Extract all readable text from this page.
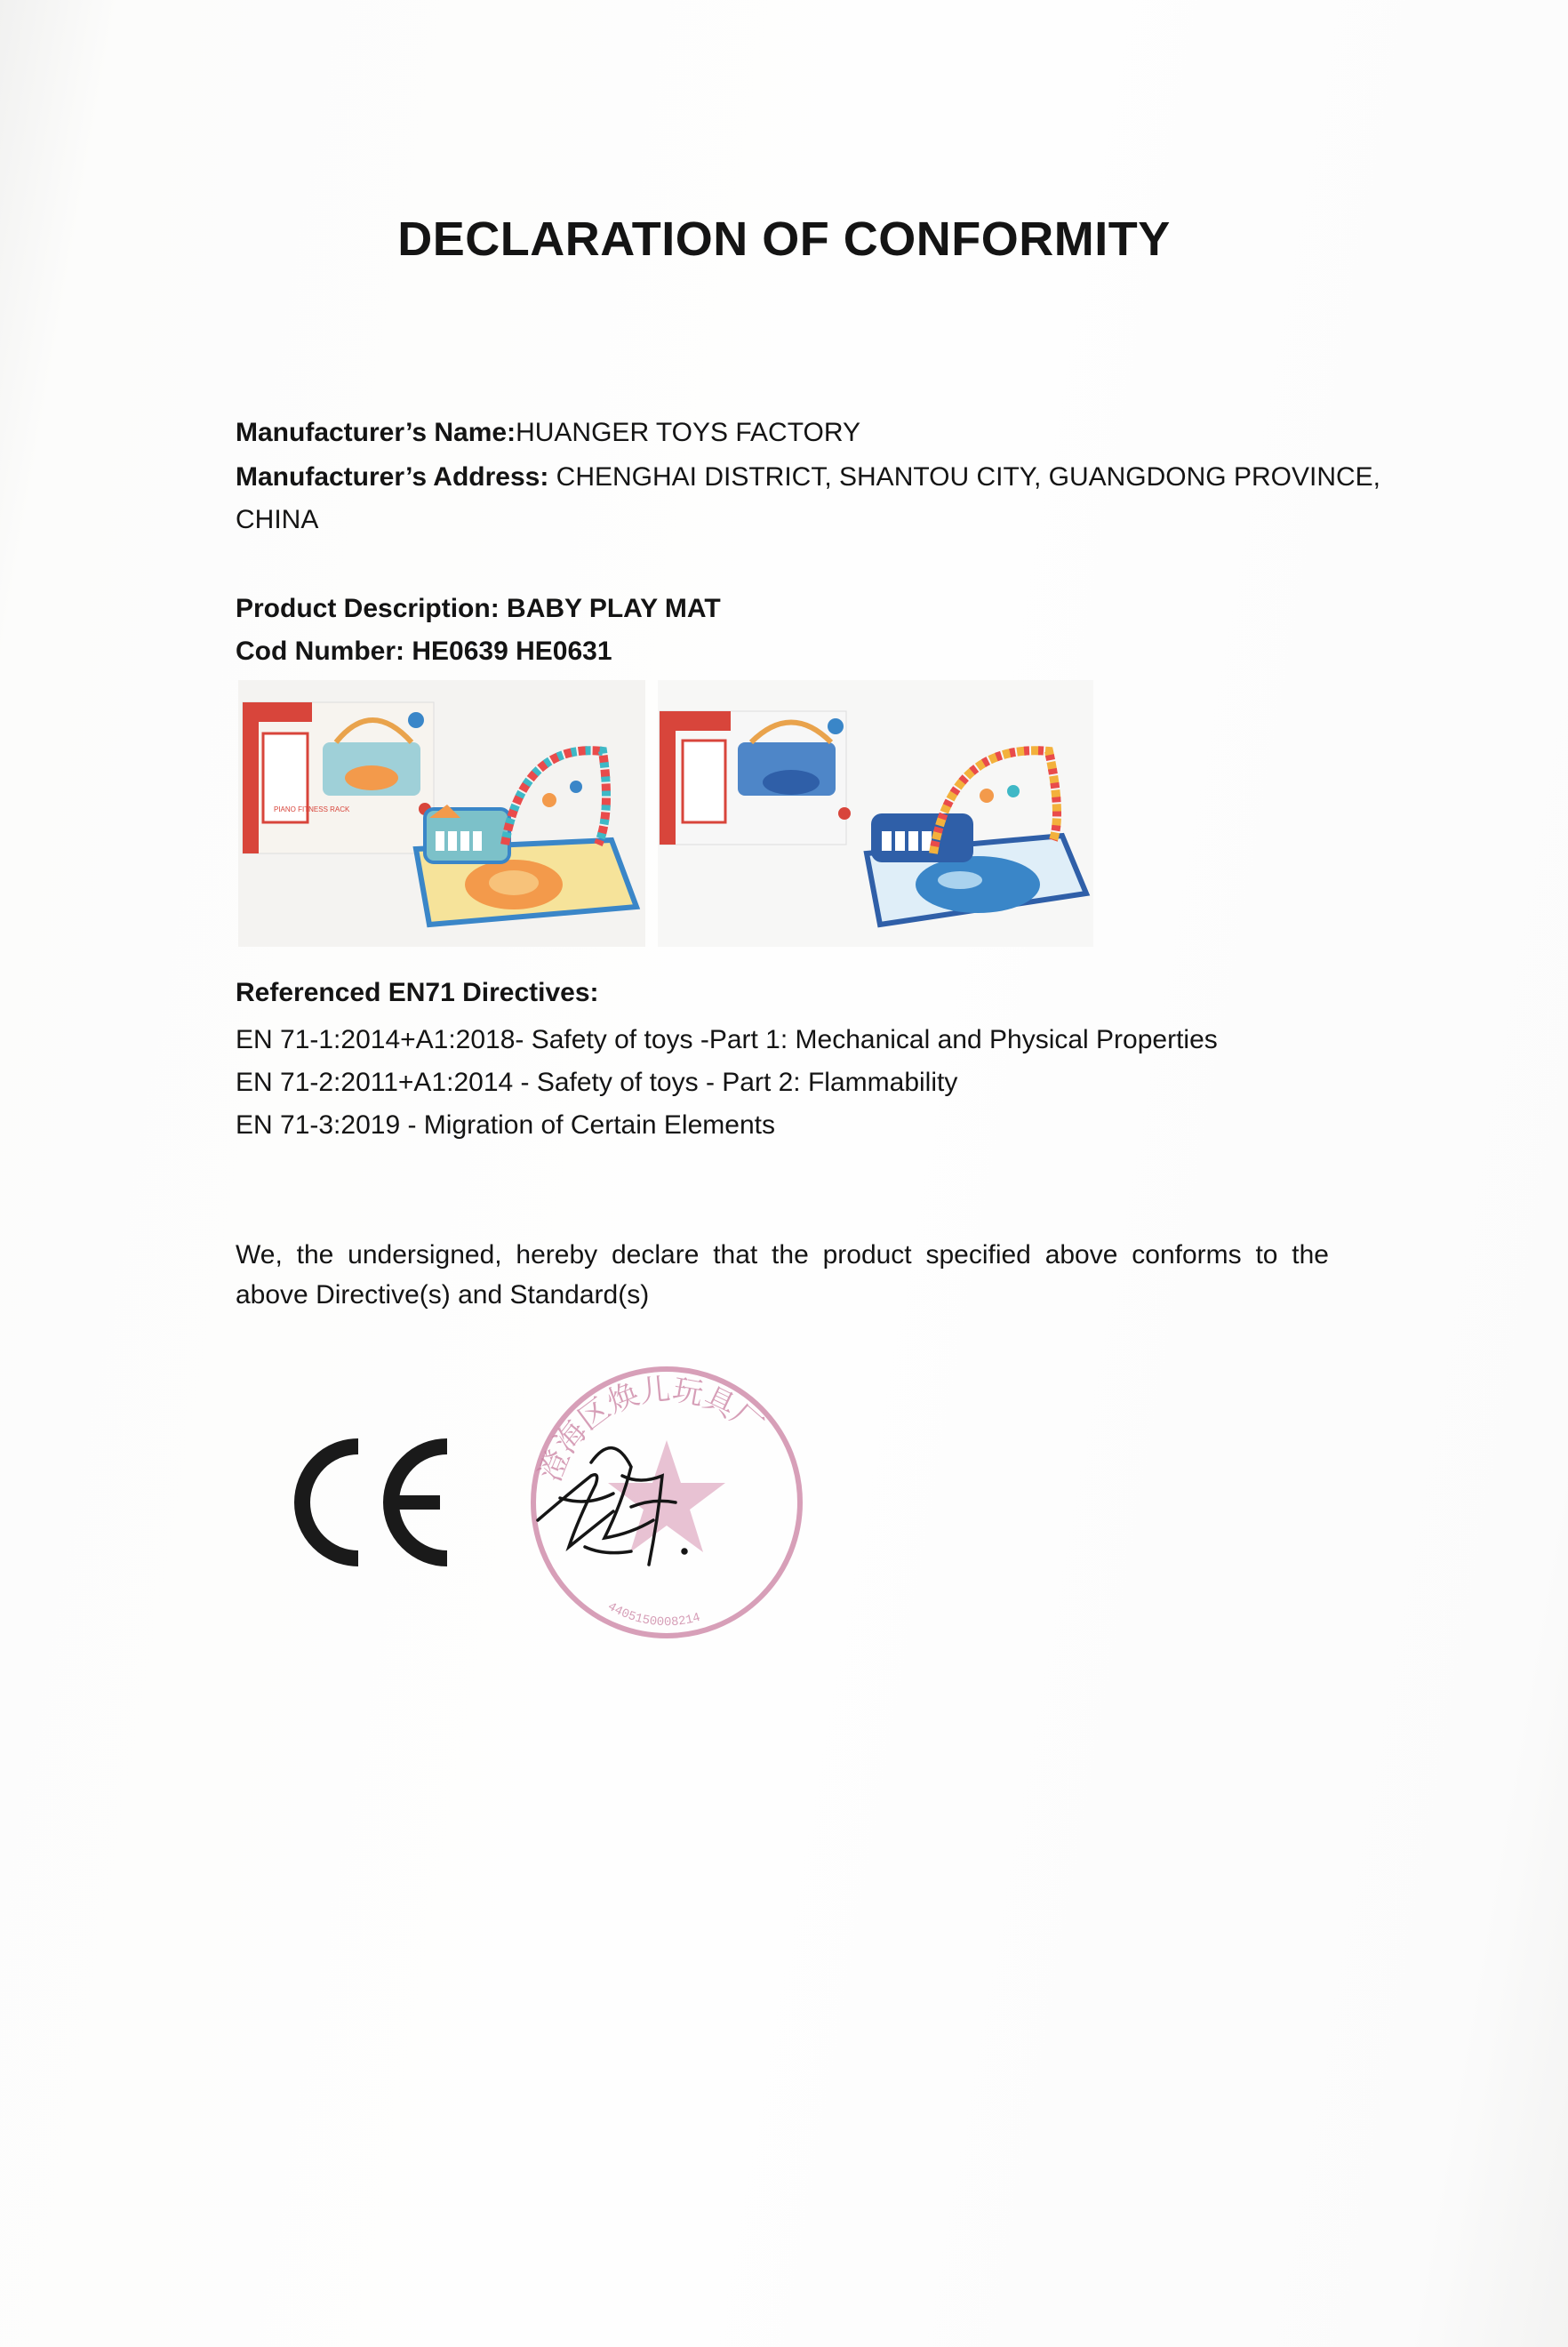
DECLARATION OF CONFORMITY
Manufacturer’s Name:HUANGER TOYS FACTORY
Manufacturer’s Address: CHENGHAI DISTRICT, SHANTOU CITY, GUANGDONG PROVINCE,
CHINA
Product Description: BABY PLAY MAT
Cod Number: HE0639 HE0631
PIANO FITNESS RACK
Referenced EN71 Directives:
EN 71-1:2014+A1:2018- Safety of toys -Part 1: Mechanical and Physical Properties
EN 71-2:2011+A1:2014 - Safety of toys - Part 2: Flammability
EN 71-3:2019 - Migration of Certain Elements
We, the undersigned, hereby declare that the product specified above conforms to the
above Directive(s) and Standard(s)
澄海区焕儿玩具厂
4405150008214
